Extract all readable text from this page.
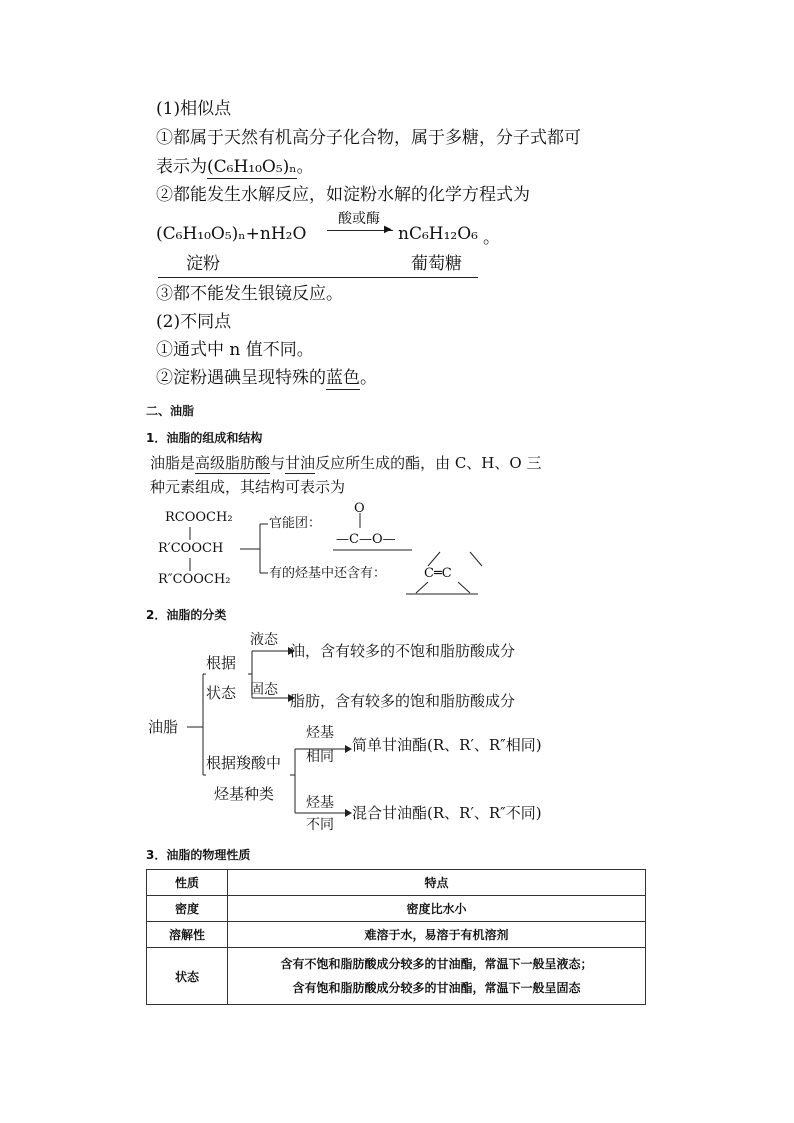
(1)相似点
①都属于天然有机高分子化合物，属于多糖，分子式都可
表示为(C₆H₁₀O₅)ₙ。
②都能发生水解反应，如淀粉水解的化学方程式为
(C₆H₁₀O₅)ₙ+nH₂O
酸或酶
▶ nC₆H₁₂O₆ 。
淀粉	葡萄糖
③都不能发生银镜反应。
(2)不同点
①通式中 n 值不同。
②淀粉遇碘呈现特殊的蓝色。
二、油脂
1．油脂的组成和结构
油脂是高级脂肪酸与甘油反应所生成的酯，由 C、H、O 三
种元素组成，其结构可表示为
RCOOCH₂
R′COOCH
R″COOCH₂
官能团：
O
—C—O—
有的烃基中还含有：	C═C
2．油脂的分类
油脂
根据
状态
液态
油，含有较多的不饱和脂肪酸成分
固态
脂肪，含有较多的饱和脂肪酸成分
根据羧酸中
烃基种类
烃基
相同
简单甘油酯(R、R′、R″相同)
烃基
不同
混合甘油酯(R、R′、R″不同)
3．油脂的物理性质
性质	特点
密度	密度比水小
溶解性	难溶于水，易溶于有机溶剂
状态	含有不饱和脂肪酸成分较多的甘油酯，常温下一般呈液态；
含有饱和脂肪酸成分较多的甘油酯，常温下一般呈固态
